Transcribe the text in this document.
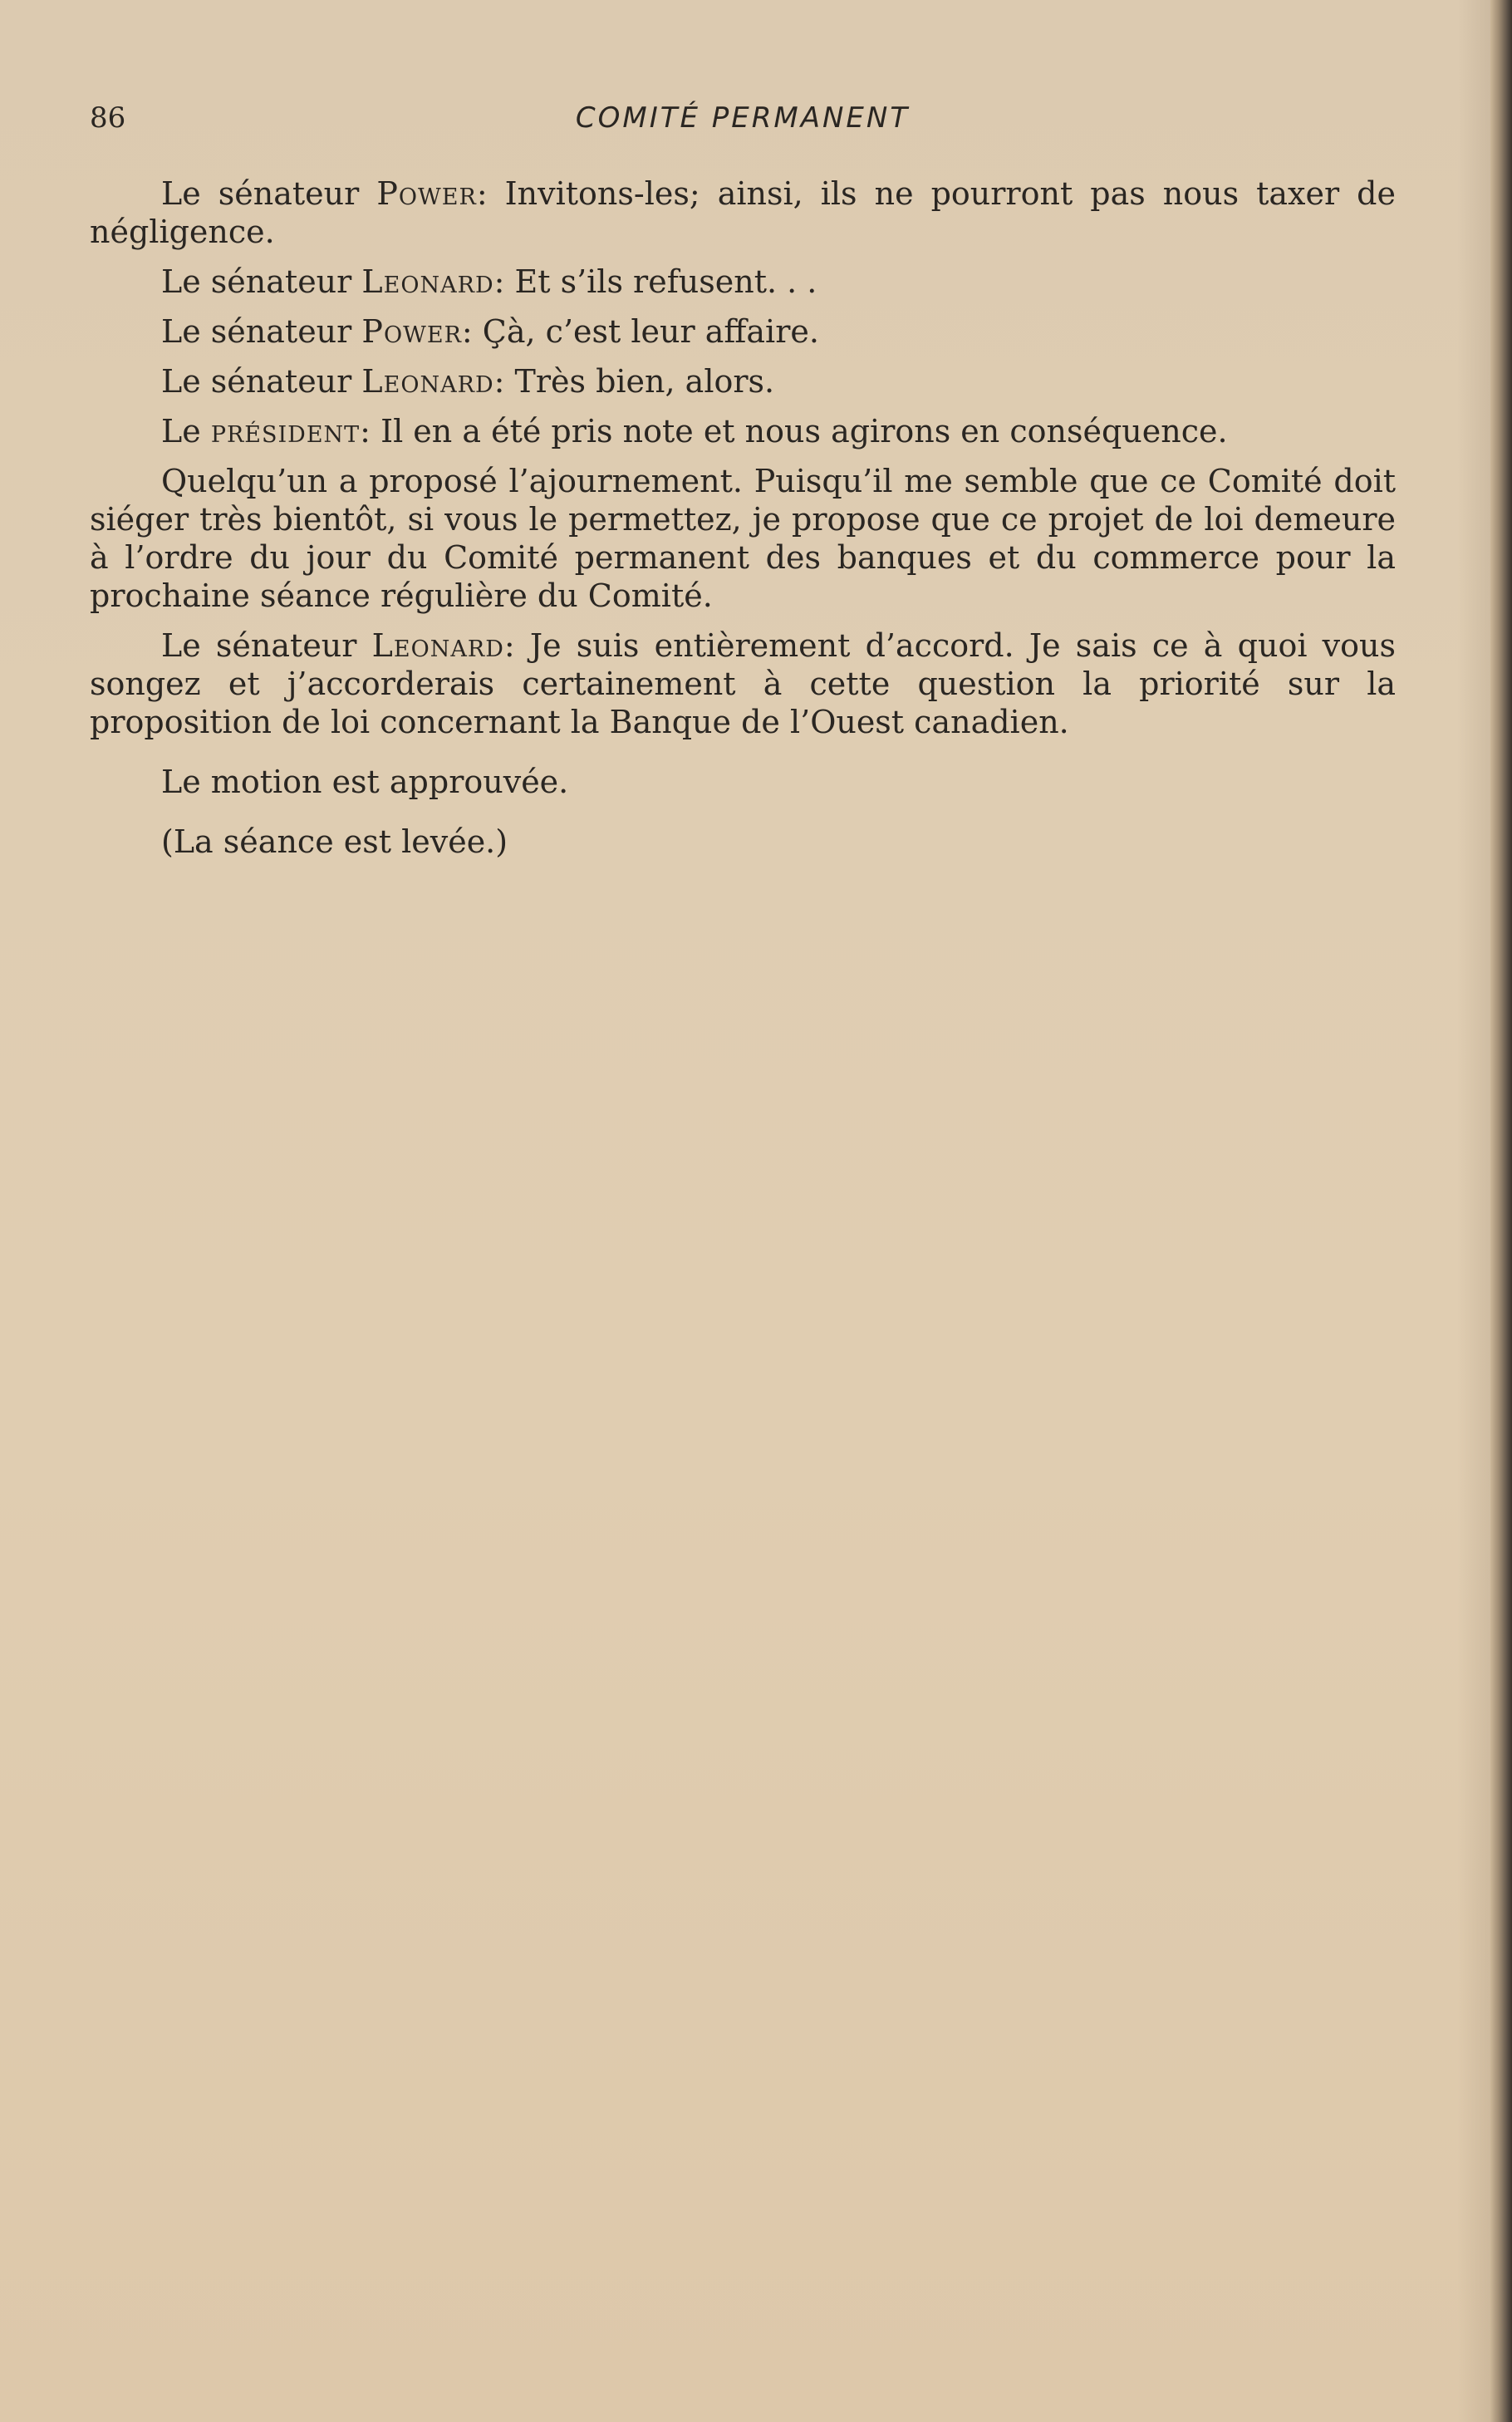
86	COMITÉ PERMANENT

Le sénateur Power: Invitons-les; ainsi, ils ne pourront pas nous taxer de négligence.

Le sénateur Leonard: Et s’ils refusent. . .

Le sénateur Power: Çà, c’est leur affaire.

Le sénateur Leonard: Très bien, alors.

Le président: Il en a été pris note et nous agirons en conséquence.

Quelqu’un a proposé l’ajournement. Puisqu’il me semble que ce Comité doit siéger très bientôt, si vous le permettez, je propose que ce projet de loi demeure à l’ordre du jour du Comité permanent des banques et du commerce pour la prochaine séance régulière du Comité.

Le sénateur Leonard: Je suis entièrement d’accord. Je sais ce à quoi vous songez et j’accorderais certainement à cette question la priorité sur la proposition de loi concernant la Banque de l’Ouest canadien.

Le motion est approuvée.

(La séance est levée.)
